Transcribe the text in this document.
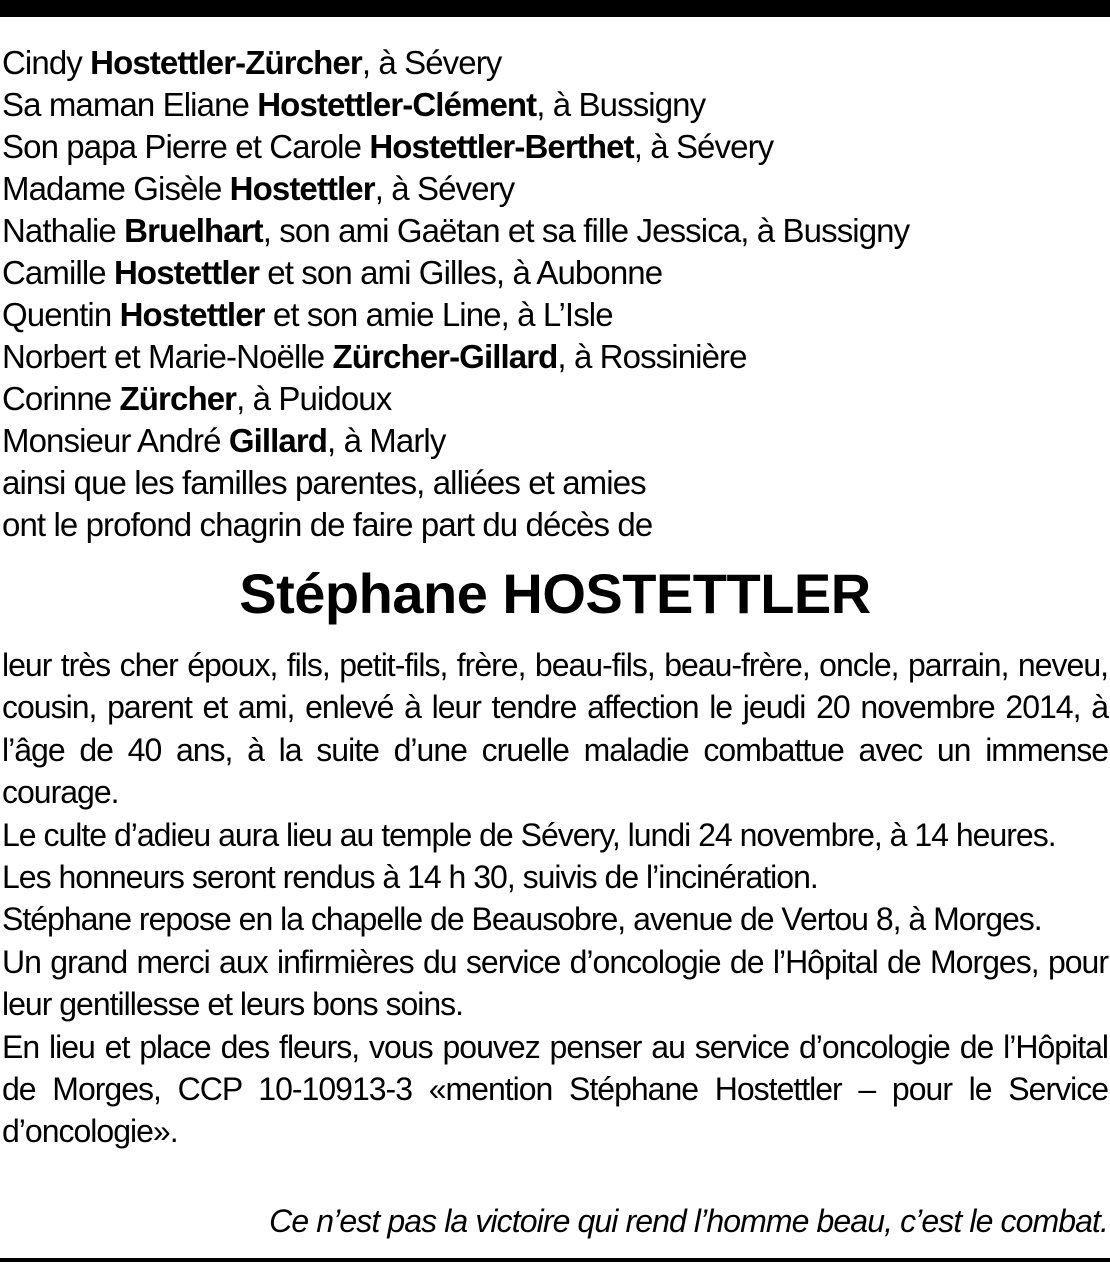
Cindy Hostettler-Zürcher, à Sévery
Sa maman Eliane Hostettler-Clément, à Bussigny
Son papa Pierre et Carole Hostettler-Berthet, à Sévery
Madame Gisèle Hostettler, à Sévery
Nathalie Bruelhart, son ami Gaëtan et sa fille Jessica, à Bussigny
Camille Hostettler et son ami Gilles, à Aubonne
Quentin Hostettler et son amie Line, à L’Isle
Norbert et Marie-Noëlle Zürcher-Gillard, à Rossinière
Corinne Zürcher, à Puidoux
Monsieur André Gillard, à Marly
ainsi que les familles parentes, alliées et amies
ont le profond chagrin de faire part du décès de
Stéphane HOSTETTLER

leur très cher époux, fils, petit-fils, frère, beau-fils, beau-frère, oncle, parrain, neveu, cousin, parent et ami, enlevé à leur tendre affection le jeudi 20 novembre 2014, à l’âge de 40 ans, à la suite d’une cruelle maladie combattue avec un immense courage.

Le culte d’adieu aura lieu au temple de Sévery, lundi 24 novembre, à 14 heures.

Les honneurs seront rendus à 14 h 30, suivis de l’incinération.

Stéphane repose en la chapelle de Beausobre, avenue de Vertou 8, à Morges.

Un grand merci aux infirmières du service d’oncologie de l’Hôpital de Morges, pour leur gentillesse et leurs bons soins.

En lieu et place des fleurs, vous pouvez penser au service d’oncologie de l’Hôpital de Morges, CCP 10-10913-3 «mention Stéphane Hostettler – pour le Service d’oncologie».

Ce n’est pas la victoire qui rend l’homme beau, c’est le combat.
